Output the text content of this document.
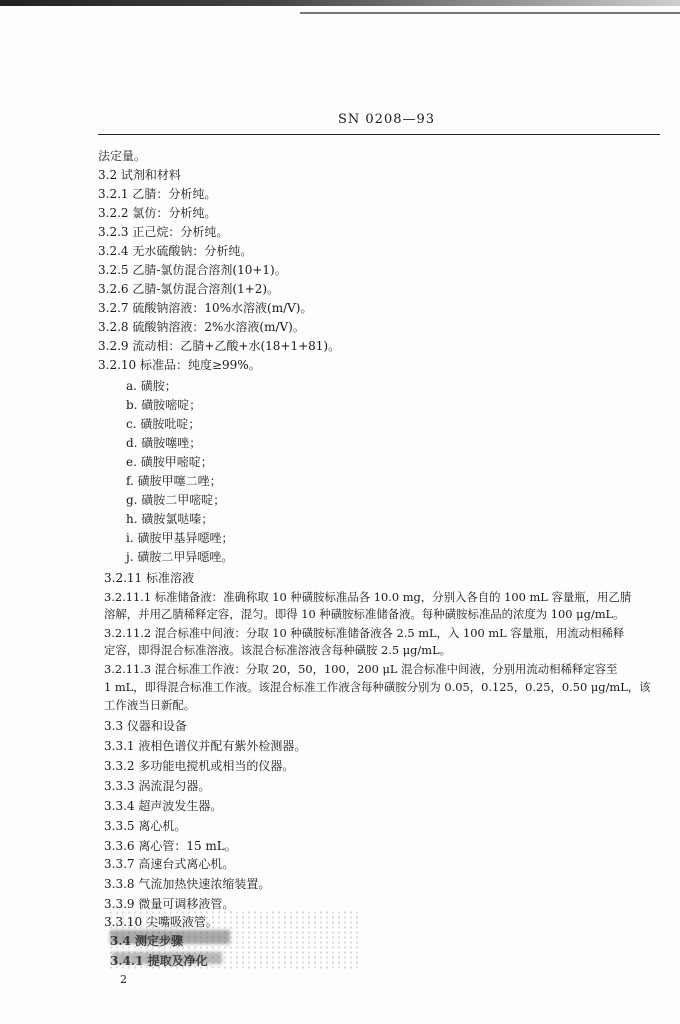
SN 0208—93
法定量。
3.2 试剂和材料
3.2.1 乙腈：分析纯。
3.2.2 氯仿：分析纯。
3.2.3 正己烷：分析纯。
3.2.4 无水硫酸钠：分析纯。
3.2.5 乙腈-氯仿混合溶剂(10+1)。
3.2.6 乙腈-氯仿混合溶剂(1+2)。
3.2.7 硫酸钠溶液：10%水溶液(m/V)。
3.2.8 硫酸钠溶液：2%水溶液(m/V)。
3.2.9 流动相：乙腈+乙酸+水(18+1+81)。
3.2.10 标准品：纯度≥99%。
a. 磺胺；
b. 磺胺嘧啶；
c. 磺胺吡啶；
d. 磺胺噻唑；
e. 磺胺甲嘧啶；
f. 磺胺甲噻二唑；
g. 磺胺二甲嘧啶；
h. 磺胺氯哒嗪；
i. 磺胺甲基异噁唑；
j. 磺胺二甲异噁唑。
3.2.11 标准溶液
3.2.11.1 标准储备液：准确称取 10 种磺胺标准品各 10.0 mg，分别入各自的 100 mL 容量瓶，用乙腈
溶解，并用乙腈稀释定容，混匀。即得 10 种磺胺标准储备液。每种磺胺标准品的浓度为 100 μg/mL。
3.2.11.2 混合标准中间液：分取 10 种磺胺标准储备液各 2.5 mL，入 100 mL 容量瓶，用流动相稀释
定容，即得混合标准溶液。该混合标准溶液含每种磺胺 2.5 μg/mL。
3.2.11.3 混合标准工作液：分取 20，50，100，200 μL 混合标准中间液，分别用流动相稀释定容至
1 mL，即得混合标准工作液。该混合标准工作液含每种磺胺分别为 0.05，0.125，0.25，0.50 μg/mL，该
工作液当日新配。
3.3 仪器和设备
3.3.1 液相色谱仪并配有紫外检测器。
3.3.2 多功能电搅机或相当的仪器。
3.3.3 涡流混匀器。
3.3.4 超声波发生器。
3.3.5 离心机。
3.3.6 离心管：15 mL。
3.3.7 高速台式离心机。
3.3.8 气流加热快速浓缩装置。
3.3.9 微量可调移液管。
3.3.10 尖嘴吸液管。
3.4 测定步骤
3.4.1 提取及净化
2
